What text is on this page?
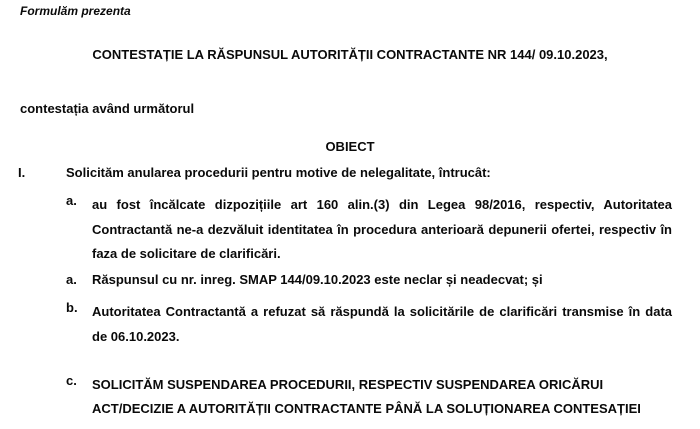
Formulăm prezenta
CONTESTAȚIE LA RĂSPUNSUL AUTORITĂȚII CONTRACTANTE NR 144/ 09.10.2023,
contestația având următorul
OBIECT
I.	Solicităm anularea procedurii pentru motive de nelegalitate, întrucât:
a. au fost încălcate dizpozițiile art 160 alin.(3) din Legea 98/2016, respectiv, Autoritatea Contractantă ne-a dezvăluit identitatea în procedura anterioară depunerii ofertei, respectiv în faza de solicitare de clarificări.
a. Răspunsul cu nr. inreg. SMAP 144/09.10.2023 este neclar și neadecvat; și
b. Autoritatea Contractantă a refuzat să răspundă la solicitările de clarificări transmise în data de 06.10.2023.
c. SOLICITĂM SUSPENDAREA PROCEDURII, RESPECTIV SUSPENDAREA ORICĂRUI ACT/DECIZIE A AUTORITĂȚII CONTRACTANTE PÂNĂ LA SOLUȚIONAREA CONTESAȚIEI
